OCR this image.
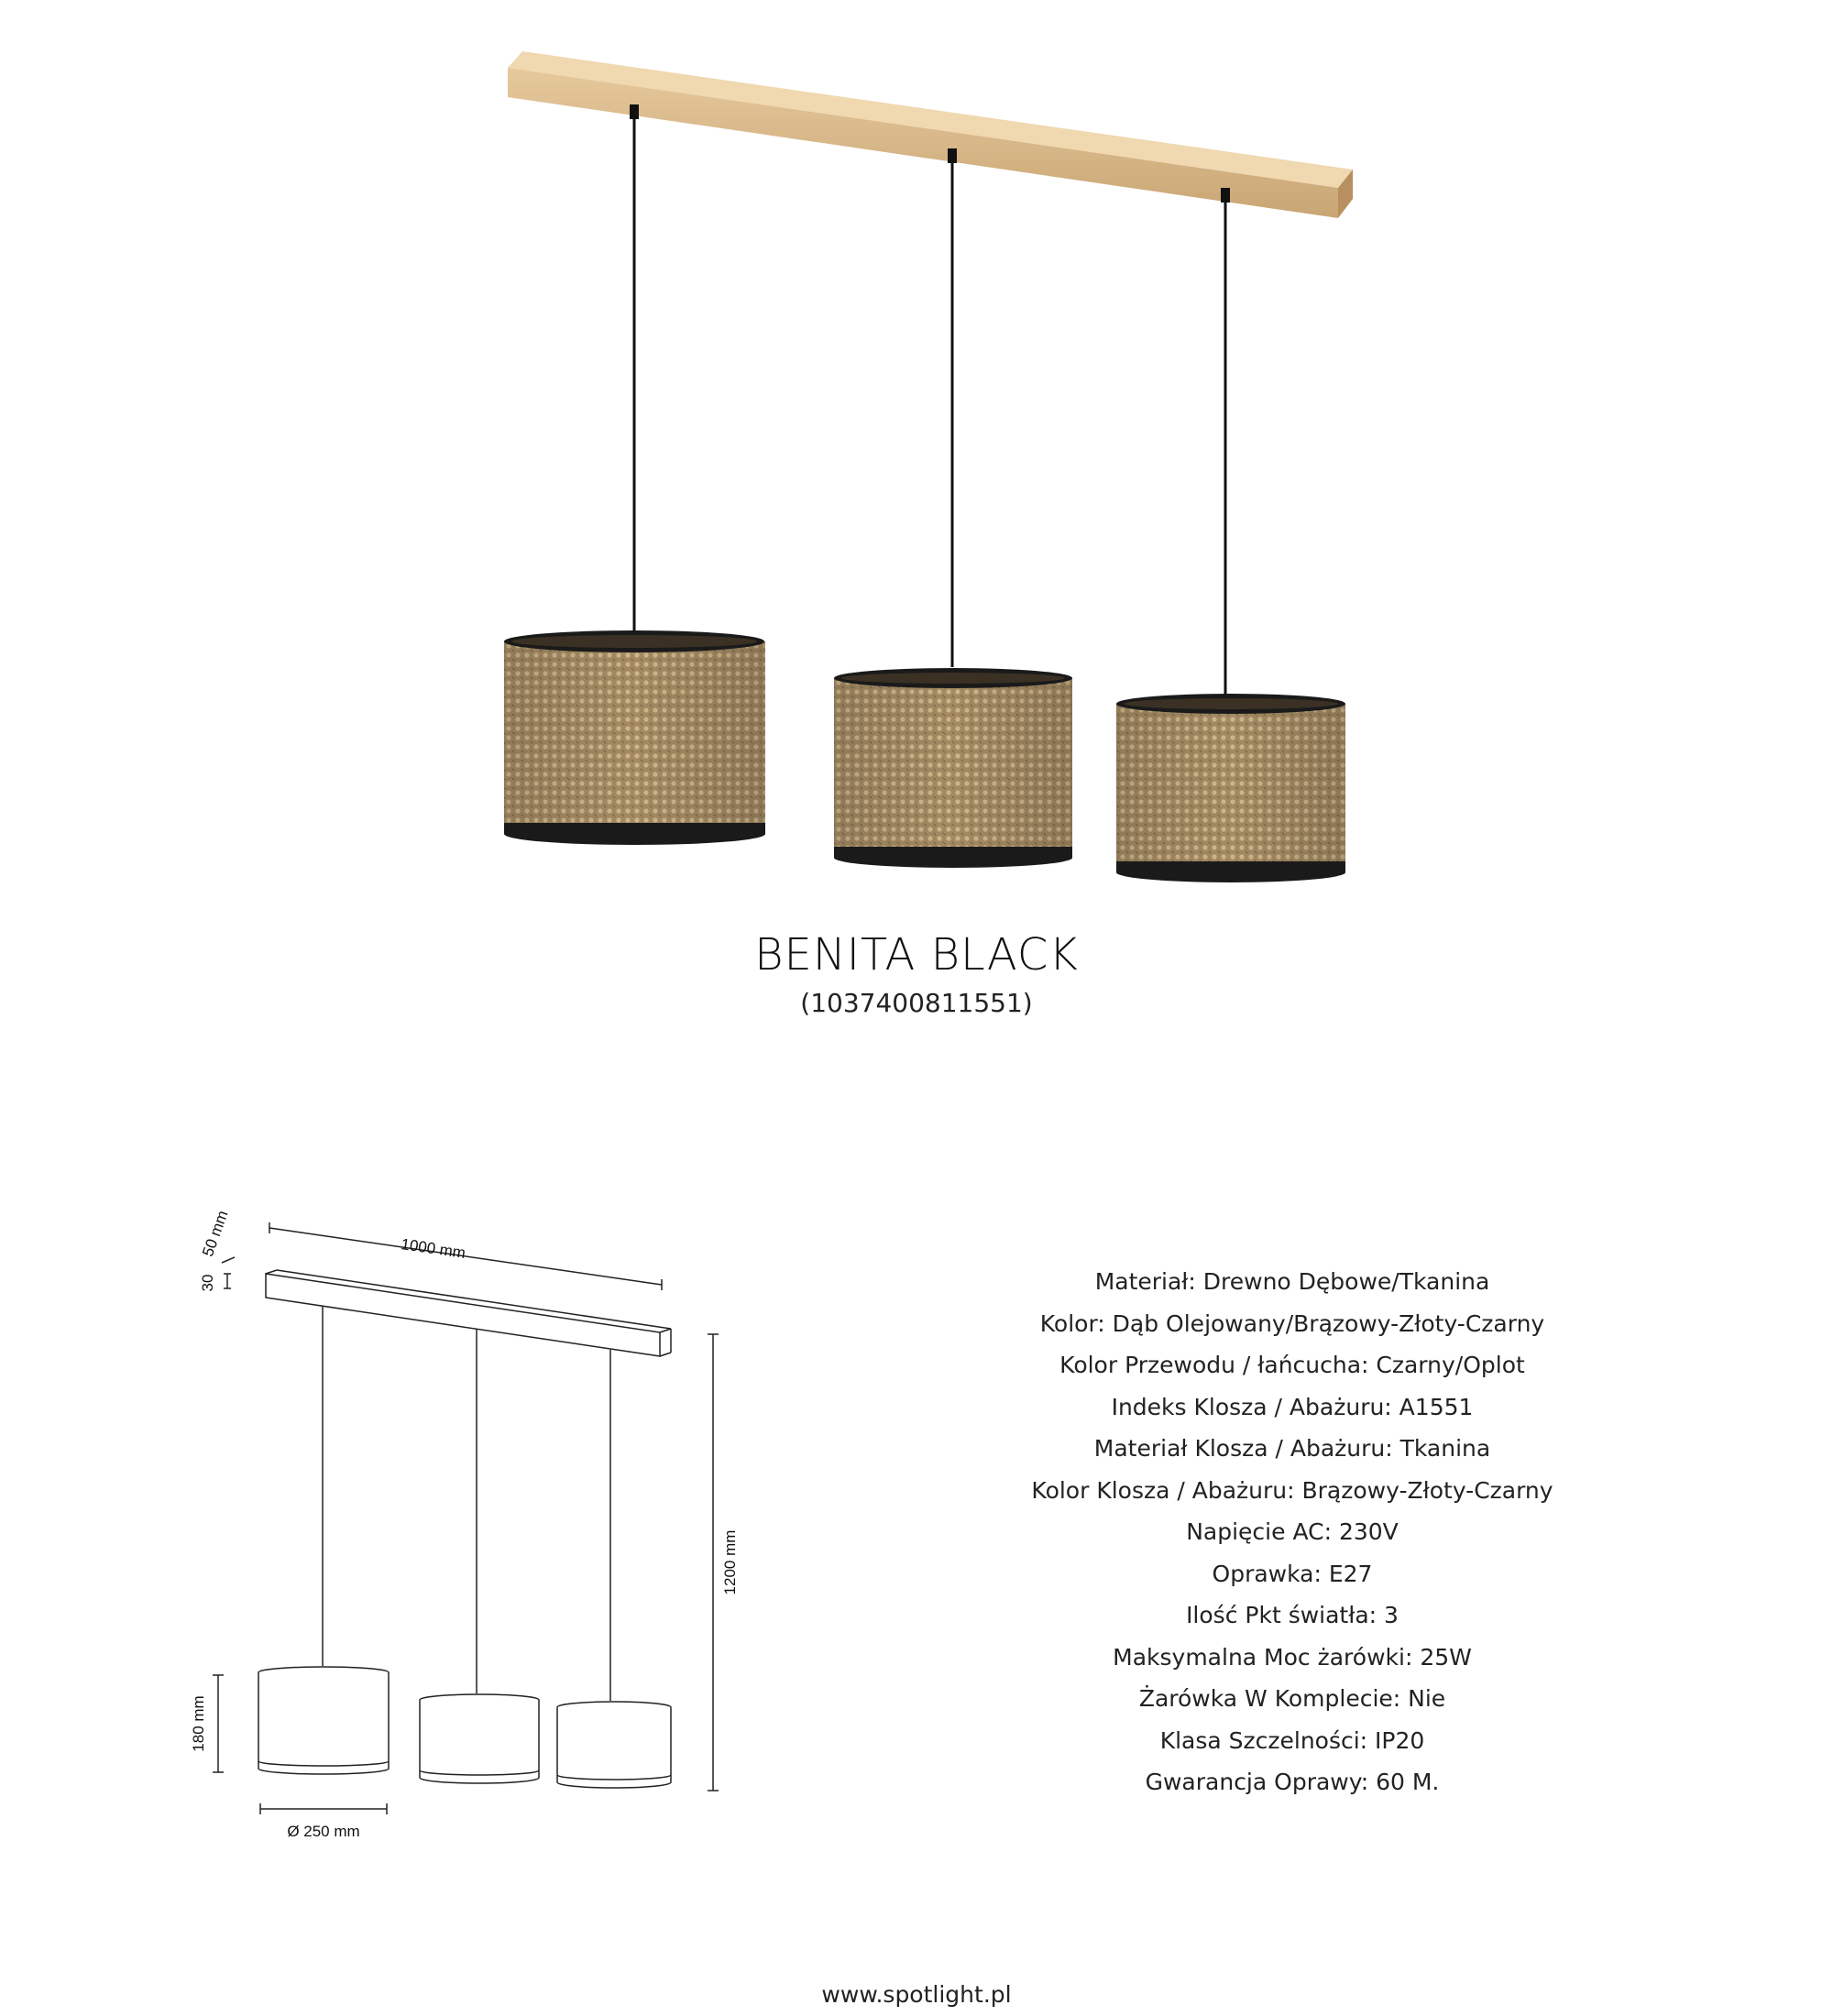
BENITA BLACK
(1037400811551)
1000 mm
1200 mm
180 mm
Ø 250 mm
30
50 mm
Materiał: Drewno Dębowe/Tkanina
Kolor: Dąb Olejowany/Brązowy-Złoty-Czarny
Kolor Przewodu / łańcucha: Czarny/Oplot
Indeks Klosza / Abażuru: A1551
Materiał Klosza / Abażuru: Tkanina
Kolor Klosza / Abażuru: Brązowy-Złoty-Czarny
Napięcie AC: 230V
Oprawka: E27
Ilość Pkt światła: 3
Maksymalna Moc żarówki: 25W
Żarówka W Komplecie: Nie
Klasa Szczelności: IP20
Gwarancja Oprawy: 60 M.
www.spotlight.pl
